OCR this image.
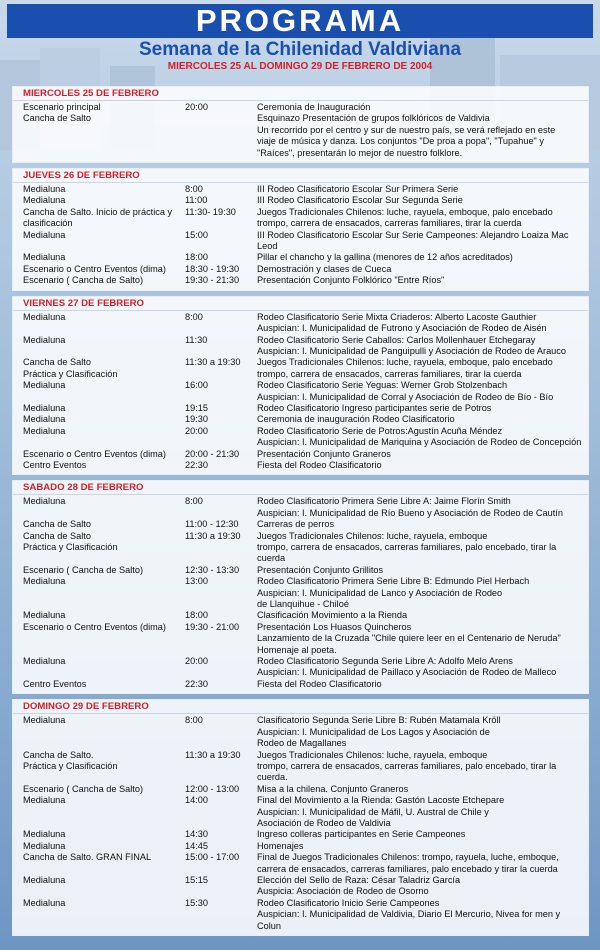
PROGRAMA
Semana de la Chilenidad Valdiviana
MIERCOLES 25 AL DOMINGO 29 DE FEBRERO DE 2004
MIERCOLES 25 DE FEBRERO
Escenario principal	20:00	Ceremonia de Inauguración
Cancha de Salto	Esquinazo Presentación de grupos folklóricos de Valdivia
Un recorrido por el centro y sur de nuestro país, se verá reflejado en este
viaje de música y danza. Los conjuntos "De proa a popa", "Tupahue" y
"Raíces", presentarán lo mejor de nuestro folklore.
JUEVES 26 DE FEBRERO
Medialuna	8:00	III Rodeo Clasificatorio Escolar Sur Primera Serie
Medialuna	11:00	III Rodeo Clasificatorio Escolar Sur Segunda Serie
Cancha de Salto. Inicio de práctica y	11:30- 19:30	Juegos Tradicionales Chilenos: luche, rayuela, emboque, palo encebado
clasificación	trompo, carrera de ensacados, carreras familiares, tirar la cuerda
Medialuna	15:00	III Rodeo Clasificatorio Escolar Sur Serie Campeones: Alejandro Loaiza Mac Leod
Medialuna	18:00	Pillar el chancho y la gallina (menores de 12 años acreditados)
Escenario o Centro Eventos (dima)	18:30 - 19:30	Demostración y clases de Cueca
Escenario ( Cancha de Salto)	19:30 - 21:30	Presentación Conjunto Folklórico "Entre Ríos"
VIERNES 27 DE FEBRERO
Medialuna	8:00	Rodeo Clasificatorio Serie Mixta Criaderos: Alberto Lacoste Gauthier
Auspician: I. Municipalidad de Futrono y Asociación de Rodeo de Aisén
Medialuna	11:30	Rodeo Clasificatorio Serie Caballos: Carlos Mollenhauer Etchegaray
Auspician: I. Municipalidad de Panguipulli y Asociación de Rodeo de Arauco
Cancha de Salto	11:30 a 19:30	Juegos Tradicionales Chilenos: luche, rayuela, emboque, palo encebado
Práctica y Clasificación	trompo, carrera de ensacados, carreras familiares, tirar la cuerda
Medialuna	16:00	Rodeo Clasificatorio Serie Yeguas: Werner Grob Stolzenbach
Auspician: I. Municipalidad de Corral y Asociación de Rodeo de Bío - Bío
Medialuna	19:15	Rodeo Clasificatorio Ingreso participantes serie de Potros
Medialuna	19:30	Ceremonia de inauguración Rodeo Clasificatorio
Medialuna	20:00	Rodeo Clasificatorio Serie de Potros:Agustín Acuña Méndez
Auspician: I. Municipalidad de Mariquina y Asociación de Rodeo de Concepción
Escenario o Centro Eventos (dima)	20:00 - 21:30	Presentación Conjunto Graneros
Centro Eventos	22:30	Fiesta del Rodeo Clasificatorio
SABADO 28 DE FEBRERO
Medialuna	8:00	Rodeo Clasificatorio Primera Serie Libre A: Jaime Florín Smith
Auspician: I. Municipalidad de Río Bueno y Asociación de Rodeo de Cautín
Cancha de Salto	11:00 - 12:30	Carreras de perros
Cancha de Salto	11:30 a 19:30	Juegos Tradicionales Chilenos: luche, rayuela, emboque
Práctica y Clasificación	trompo, carrera de ensacados, carreras familiares, palo encebado, tirar la cuerda
Escenario ( Cancha de Salto)	12:30 - 13:30	Presentación Conjunto Grillitos
Medialuna	13:00	Rodeo Clasificatorio Primera Serie Libre B: Edmundo Piel Herbach
Auspician: I. Municipalidad de Lanco y Asociación de Rodeo
de Llanquihue - Chiloé
Medialuna	18:00	Clasificación Movimiento a la Rienda
Escenario o Centro Eventos (dima)	19:30 - 21:00	Presentación Los Huasos Quincheros
Lanzamiento de la Cruzada "Chile quiere leer en el Centenario de Neruda"
Homenaje al poeta.
Medialuna	20:00	Rodeo Clasificatorio Segunda Serie Libre A: Adolfo Melo Arens
Auspician: I. Municipalidad de Paillaco y Asociación de Rodeo de Malleco
Centro Eventos	22:30	Fiesta del Rodeo Clasificatorio
DOMINGO 29 DE FEBRERO
Medialuna	8:00	Clasificatorio Segunda Serie Libre B: Rubén Matamala Kröll
Auspician: I. Municipalidad de Los Lagos y Asociación de
Rodeo de Magallanes
Cancha de Salto.	11:30 a 19:30	Juegos Tradicionales Chilenos: luche, rayuela, emboque
Práctica y Clasificación	trompo, carrera de ensacados, carreras familiares, palo encebado, tirar la cuerda.
Escenario ( Cancha de Salto)	12:00 - 13:00	Misa a la chilena. Conjunto Graneros
Medialuna	14:00	Final del Movimiento a la Rienda: Gastón Lacoste Etchepare
Auspician: I. Municipalidad de Máfil, U. Austral de Chile y
Asociación de Rodeo de Valdivia
Medialuna	14:30	Ingreso colleras participantes en Serie Campeones
Medialuna	14:45	Homenajes
Cancha de Salto. GRAN FINAL	15:00 - 17:00	Final de Juegos Tradicionales Chilenos: trompo, rayuela, luche, emboque,
carrera de ensacados, carreras familiares, palo encebado y tirar la cuerda
Medialuna	15:15	Elección del Sello de Raza: César Taladriz García
Auspicia: Asociación de Rodeo de Osorno
Medialuna	15:30	Rodeo Clasificatorio Inicio Serie Campeones
Auspician: I. Municipalidad de Valdivia, Diario El Mercurio, Nivea for men y Colun
